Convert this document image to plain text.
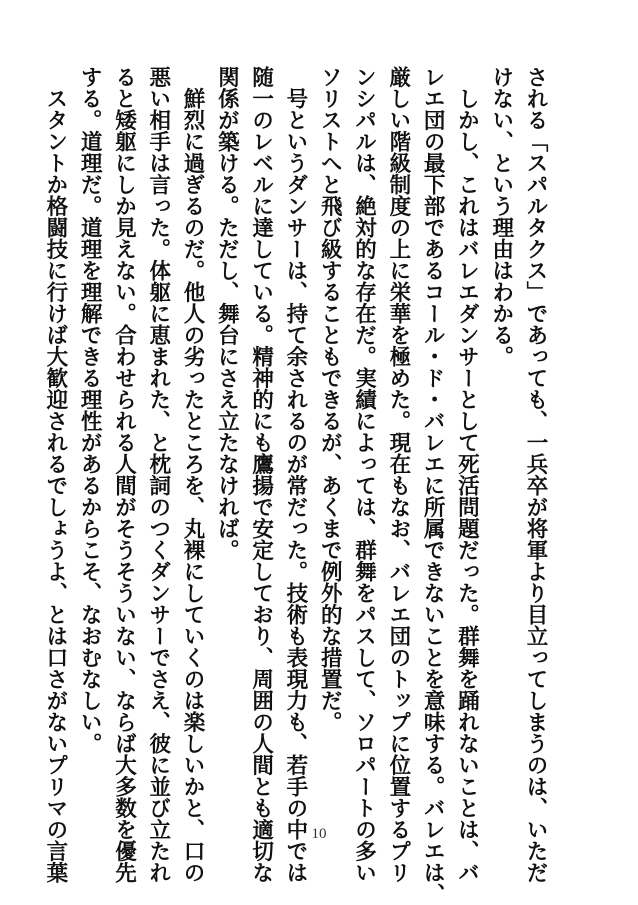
される「スパルタクス」であっても、一兵卒が将軍より目立ってしまうのは、いただ
けない、という理由はわかる。
　しかし、これはバレエダンサーとして死活問題だった。群舞を踊れないことは、バ
レエ団の最下部であるコール・ド・バレエに所属できないことを意味する。バレエは、
厳しい階級制度の上に栄華を極めた。現在もなお、バレエ団のトップに位置するプリ
ンシパルは、絶対的な存在だ。実績によっては、群舞をパスして、ソロパートの多い
ソリストへと飛び級することもできるが、あくまで例外的な措置だ。
　号というダンサーは、持て余されるのが常だった。技術も表現力も、若手の中では
随一のレベルに達している。精神的にも鷹揚で安定しており、周囲の人間とも適切な
関係が築ける。ただし、舞台にさえ立たなければ。
　鮮烈に過ぎるのだ。他人の劣ったところを、丸裸にしていくのは楽しいかと、口の
悪い相手は言った。体躯に恵まれた、と枕詞のつくダンサーでさえ、彼に並び立たれ
ると矮躯にしか見えない。合わせられる人間がそうそういない、ならば大多数を優先
する。道理だ。道理を理解できる理性があるからこそ、なおむなしい。
　スタントか格闘技に行けば大歓迎されるでしょうよ、とは口さがないプリマの言葉	10
